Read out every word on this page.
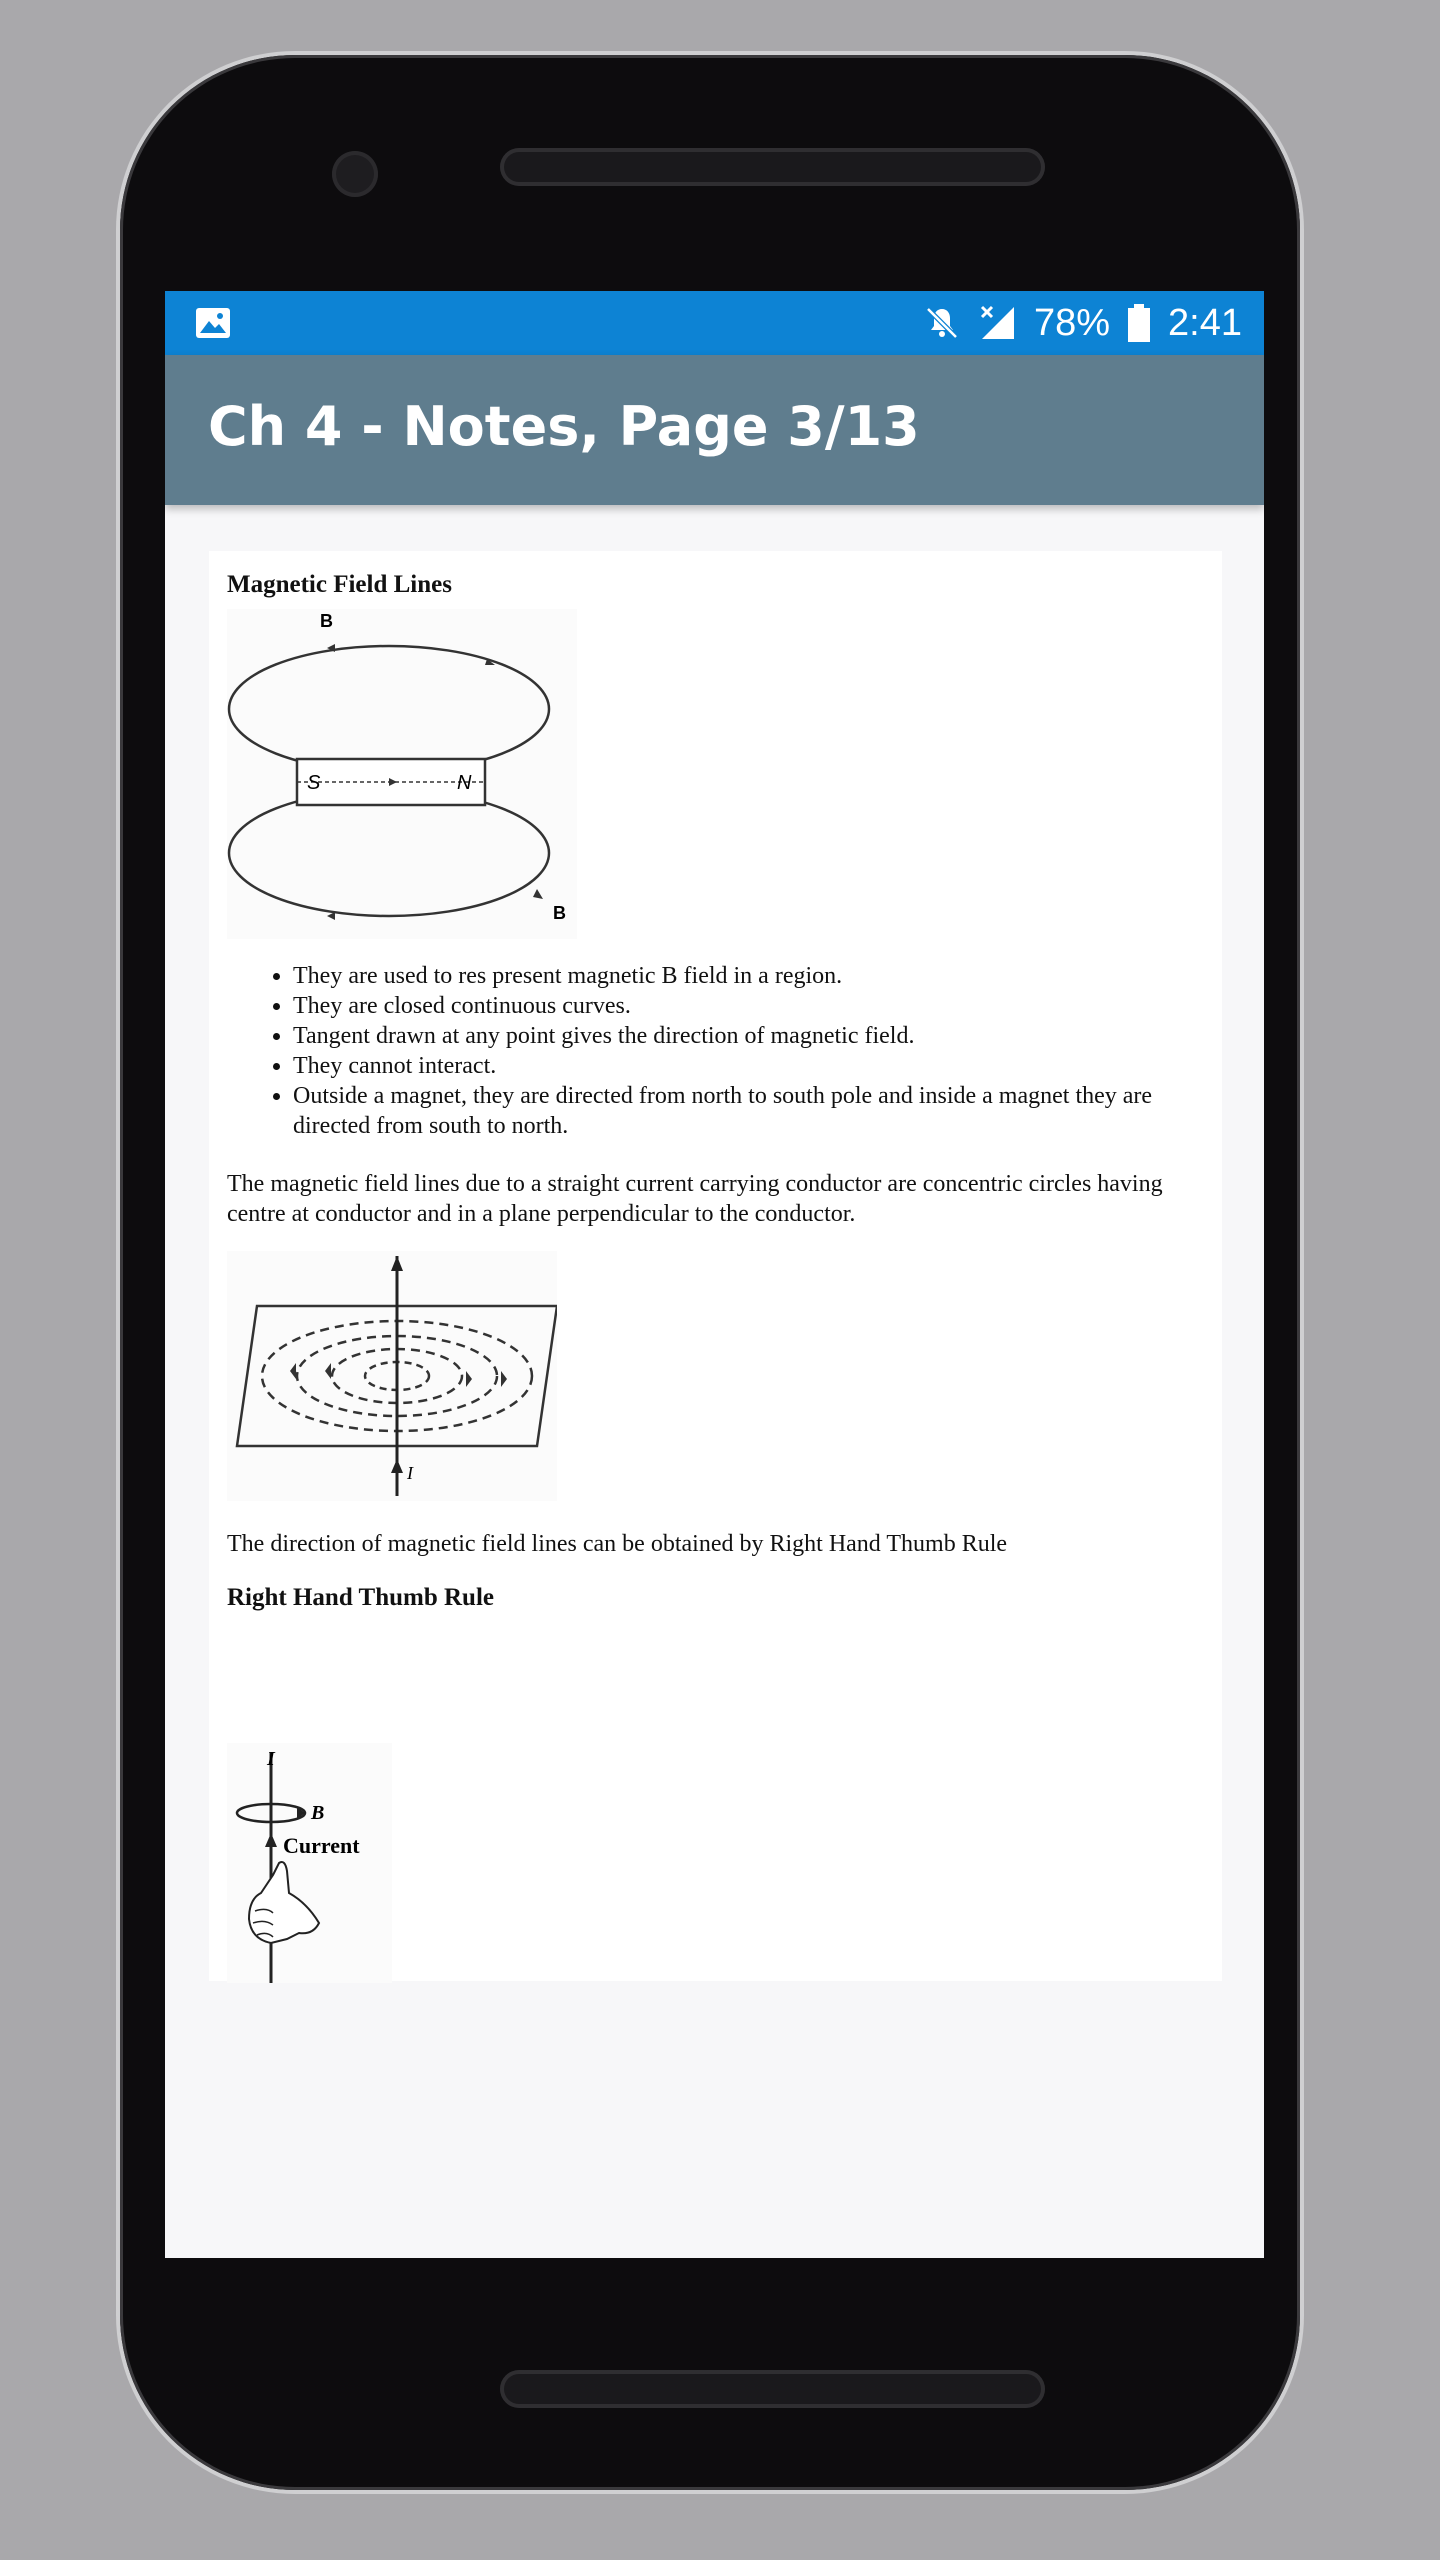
78% 2:41
Ch 4 - Notes, Page 3/13
Magnetic Field Lines
B
S	N
B
• They are used to res present magnetic B field in a region.
• They are closed continuous curves.
• Tangent drawn at any point gives the direction of magnetic field.
• They cannot interact.
• Outside a magnet, they are directed from north to south pole and inside a magnet they are directed from south to north.
The magnetic field lines due to a straight current carrying conductor are concentric circles having centre at conductor and in a plane perpendicular to the conductor.
I
The direction of magnetic field lines can be obtained by Right Hand Thumb Rule
Right Hand Thumb Rule
I
B
Current
